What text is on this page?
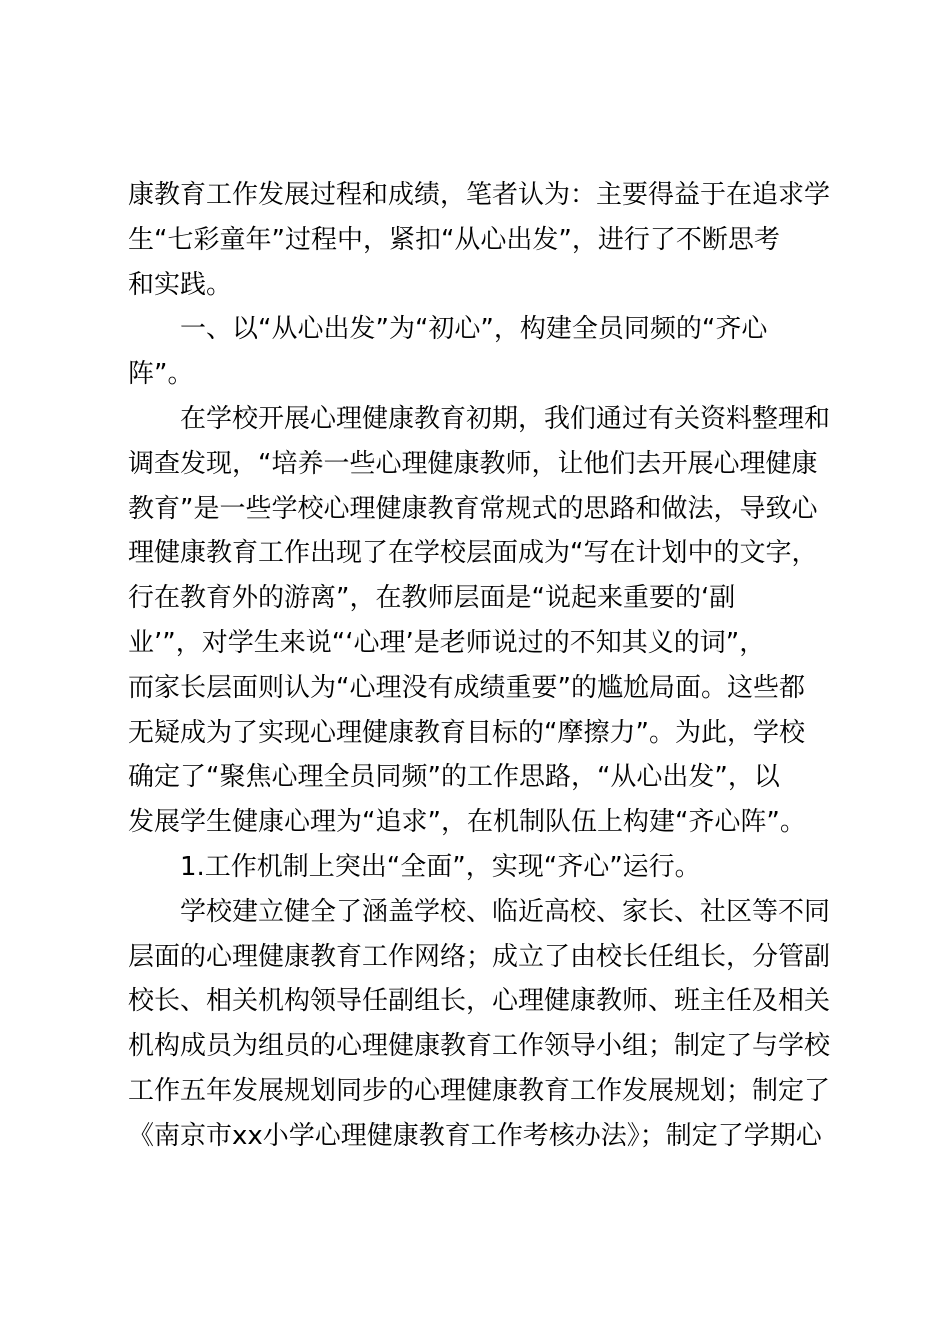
康教育工作发展过程和成绩，笔者认为：主要得益于在追求学
生“七彩童年”过程中，紧扣“从心出发”，进行了不断思考
和实践。
一、以“从心出发”为“初心”，构建全员同频的“齐心
阵”。
在学校开展心理健康教育初期，我们通过有关资料整理和
调查发现，“培养一些心理健康教师，让他们去开展心理健康
教育”是一些学校心理健康教育常规式的思路和做法，导致心
理健康教育工作出现了在学校层面成为“写在计划中的文字，
行在教育外的游离”，在教师层面是“说起来重要的‘副
业’”，对学生来说“‘心理’是老师说过的不知其义的词”，
而家长层面则认为“心理没有成绩重要”的尴尬局面。这些都
无疑成为了实现心理健康教育目标的“摩擦力”。为此，学校
确定了“聚焦心理全员同频”的工作思路，“从心出发”，以
发展学生健康心理为“追求”，在机制队伍上构建“齐心阵”。
1.工作机制上突出“全面”，实现“齐心”运行。
学校建立健全了涵盖学校、临近高校、家长、社区等不同
层面的心理健康教育工作网络；成立了由校长任组长，分管副
校长、相关机构领导任副组长，心理健康教师、班主任及相关
机构成员为组员的心理健康教育工作领导小组；制定了与学校
工作五年发展规划同步的心理健康教育工作发展规划；制定了
《南京市xx小学心理健康教育工作考核办法》；制定了学期心
